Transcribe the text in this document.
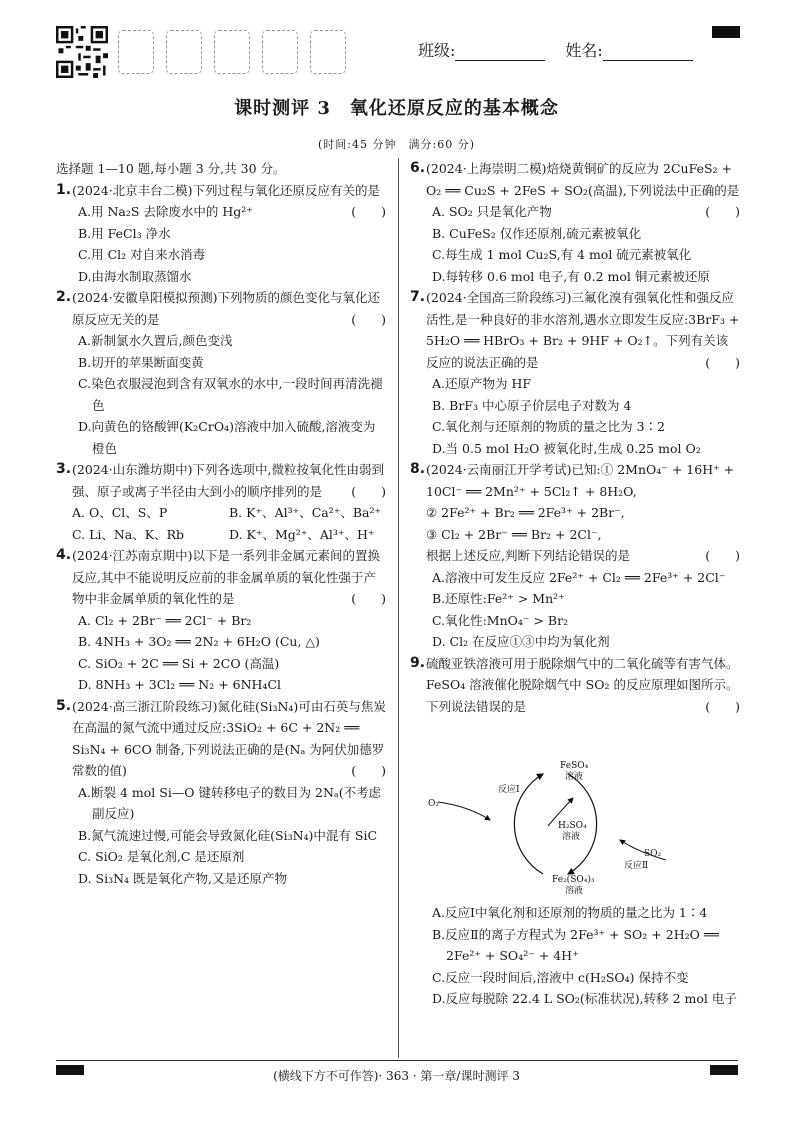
班级:	姓名:
课时测评 3　氧化还原反应的基本概念
(时间:45 分钟　满分:60 分)

选择题 1—10 题,每小题 3 分,共 30 分。

1. (2024·北京丰台二模)下列过程与氧化还原反应有关的是
(　　)

A.用 Na₂S 去除废水中的 Hg²⁺

B.用 FeCl₃ 净水

C.用 Cl₂ 对自来水消毒

D.由海水制取蒸馏水

2. (2024·安徽阜阳模拟预测)下列物质的颜色变化与氧化还原反应无关的是	(　　)

A.新制氯水久置后,颜色变浅

B.切开的苹果断面变黄

C.染色衣服浸泡到含有双氧水的水中,一段时间再清洗褪色

D.向黄色的铬酸钾(K₂CrO₄)溶液中加入硫酸,溶液变为橙色

3. (2024·山东潍坊期中)下列各选项中,微粒按氧化性由弱到强、原子或离子半径由大到小的顺序排列的是 (　　)

A. O、Cl、S、P	B. K⁺、Al³⁺、Ca²⁺、Ba²⁺

C. Li、Na、K、Rb	D. K⁺、Mg²⁺、Al³⁺、H⁺

4. (2024·江苏南京期中)以下是一系列非金属元素间的置换反应,其中不能说明反应前的非金属单质的氧化性强于产物中非金属单质的氧化性的是	(　　)

A. Cl₂ + 2Br⁻ ══ 2Cl⁻ + Br₂

B. 4NH₃ + 3O₂ ══ 2N₂ + 6H₂O (Cu, △)

C. SiO₂ + 2C ══ Si + 2CO (高温)

D. 8NH₃ + 3Cl₂ ══ N₂ + 6NH₄Cl

5. (2024·高三浙江阶段练习)氮化硅(Si₃N₄)可由石英与焦炭在高温的氮气流中通过反应:3SiO₂ + 6C + 2N₂ ══ Si₃N₄ + 6CO 制备,下列说法正确的是(Nₐ 为阿伏加德罗常数的值)	(　　)

A.断裂 4 mol Si—O 键转移电子的数目为 2Nₐ(不考虑副反应)

B.氮气流速过慢,可能会导致氮化硅(Si₃N₄)中混有 SiC

C. SiO₂ 是氧化剂,C 是还原剂

D. Si₃N₄ 既是氧化产物,又是还原产物

6. (2024·上海崇明二模)焙烧黄铜矿的反应为 2CuFeS₂ + O₂ ══ Cu₂S + 2FeS + SO₂(高温),下列说法中正确的是
(　　)

A. SO₂ 只是氧化产物

B. CuFeS₂ 仅作还原剂,硫元素被氧化

C.每生成 1 mol Cu₂S,有 4 mol 硫元素被氧化

D.每转移 0.6 mol 电子,有 0.2 mol 铜元素被还原

7. (2024·全国高三阶段练习)三氟化溴有强氧化性和强反应活性,是一种良好的非水溶剂,遇水立即发生反应:3BrF₃ + 5H₂O ══ HBrO₃ + Br₂ + 9HF + O₂↑。下列有关该反应的说法正确的是	(　　)

A.还原产物为 HF

B. BrF₃ 中心原子价层电子对数为 4

C.氧化剂与还原剂的物质的量之比为 3∶2

D.当 0.5 mol H₂O 被氧化时,生成 0.25 mol O₂

8. (2024·云南丽江开学考试)已知:① 2MnO₄⁻ + 16H⁺ + 10Cl⁻ ══ 2Mn²⁺ + 5Cl₂↑ + 8H₂O,

② 2Fe²⁺ + Br₂ ══ 2Fe³⁺ + 2Br⁻,

③ Cl₂ + 2Br⁻ ══ Br₂ + 2Cl⁻,

根据上述反应,判断下列结论错误的是	(　　)

A.溶液中可发生反应 2Fe²⁺ + Cl₂ ══ 2Fe³⁺ + 2Cl⁻

B.还原性:Fe²⁺ > Mn²⁺

C.氧化性:MnO₄⁻ > Br₂

D. Cl₂ 在反应①③中均为氧化剂

9. 硫酸亚铁溶液可用于脱除烟气中的二氧化硫等有害气体。FeSO₄ 溶液催化脱除烟气中 SO₂ 的反应原理如图所示。下列说法错误的是	(　　)

FeSO₄
溶液
H₂SO₄
溶液
Fe₂(SO₄)₃
溶液
反应Ⅰ
反应Ⅱ
O₂
SO₂

A.反应Ⅰ中氧化剂和还原剂的物质的量之比为 1∶4

B.反应Ⅱ的离子方程式为 2Fe³⁺ + SO₂ + 2H₂O ══ 2Fe²⁺ + SO₄²⁻ + 4H⁺

C.反应一段时间后,溶液中 c(H₂SO₄) 保持不变

D.反应每脱除 22.4 L SO₂(标准状况),转移 2 mol 电子

(横线下方不可作答)· 363 · 第一章/课时测评 3
